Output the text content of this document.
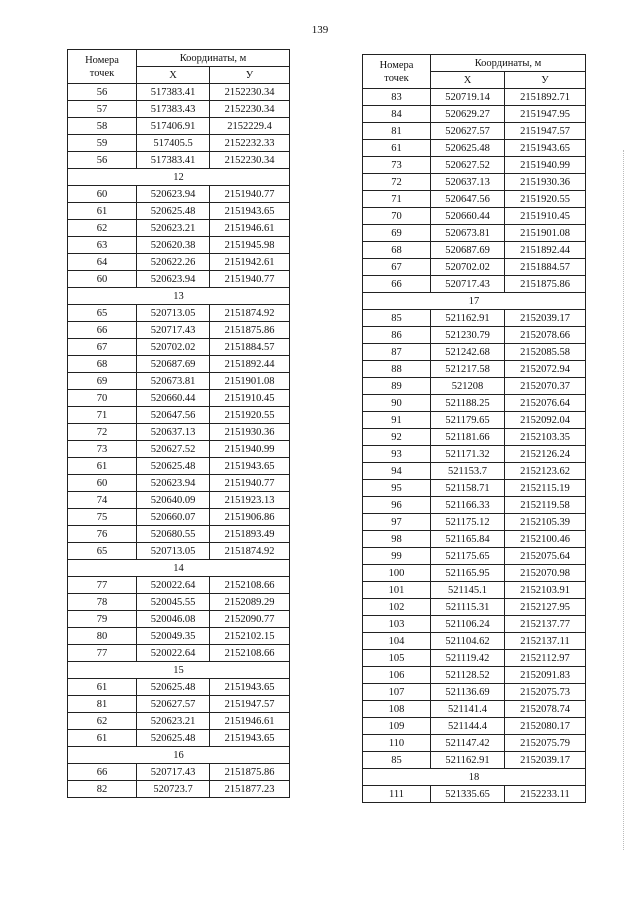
139
Номера точек	Координаты, м	
	X	У
56	517383.41	2152230.34
57	517383.43	2152230.34
58	517406.91	2152229.4
59	517405.5	2152232.33
56	517383.41	2152230.34
12		
60	520623.94	2151940.77
61	520625.48	2151943.65
62	520623.21	2151946.61
63	520620.38	2151945.98
64	520622.26	2151942.61
60	520623.94	2151940.77
13		
65	520713.05	2151874.92
66	520717.43	2151875.86
67	520702.02	2151884.57
68	520687.69	2151892.44
69	520673.81	2151901.08
70	520660.44	2151910.45
71	520647.56	2151920.55
72	520637.13	2151930.36
73	520627.52	2151940.99
61	520625.48	2151943.65
60	520623.94	2151940.77
74	520640.09	2151923.13
75	520660.07	2151906.86
76	520680.55	2151893.49
65	520713.05	2151874.92
14		
77	520022.64	2152108.66
78	520045.55	2152089.29
79	520046.08	2152090.77
80	520049.35	2152102.15
77	520022.64	2152108.66
15		
61	520625.48	2151943.65
81	520627.57	2151947.57
62	520623.21	2151946.61
61	520625.48	2151943.65
16		
66	520717.43	2151875.86
82	520723.7	2151877.23
Номера точек	Координаты, м	
	X	У
83	520719.14	2151892.71
84	520629.27	2151947.95
81	520627.57	2151947.57
61	520625.48	2151943.65
73	520627.52	2151940.99
72	520637.13	2151930.36
71	520647.56	2151920.55
70	520660.44	2151910.45
69	520673.81	2151901.08
68	520687.69	2151892.44
67	520702.02	2151884.57
66	520717.43	2151875.86
17		
85	521162.91	2152039.17
86	521230.79	2152078.66
87	521242.68	2152085.58
88	521217.58	2152072.94
89	521208	2152070.37
90	521188.25	2152076.64
91	521179.65	2152092.04
92	521181.66	2152103.35
93	521171.32	2152126.24
94	521153.7	2152123.62
95	521158.71	2152115.19
96	521166.33	2152119.58
97	521175.12	2152105.39
98	521165.84	2152100.46
99	521175.65	2152075.64
100	521165.95	2152070.98
101	521145.1	2152103.91
102	521115.31	2152127.95
103	521106.24	2152137.77
104	521104.62	2152137.11
105	521119.42	2152112.97
106	521128.52	2152091.83
107	521136.69	2152075.73
108	521141.4	2152078.74
109	521144.4	2152080.17
110	521147.42	2152075.79
85	521162.91	2152039.17
18		
111	521335.65	2152233.11
